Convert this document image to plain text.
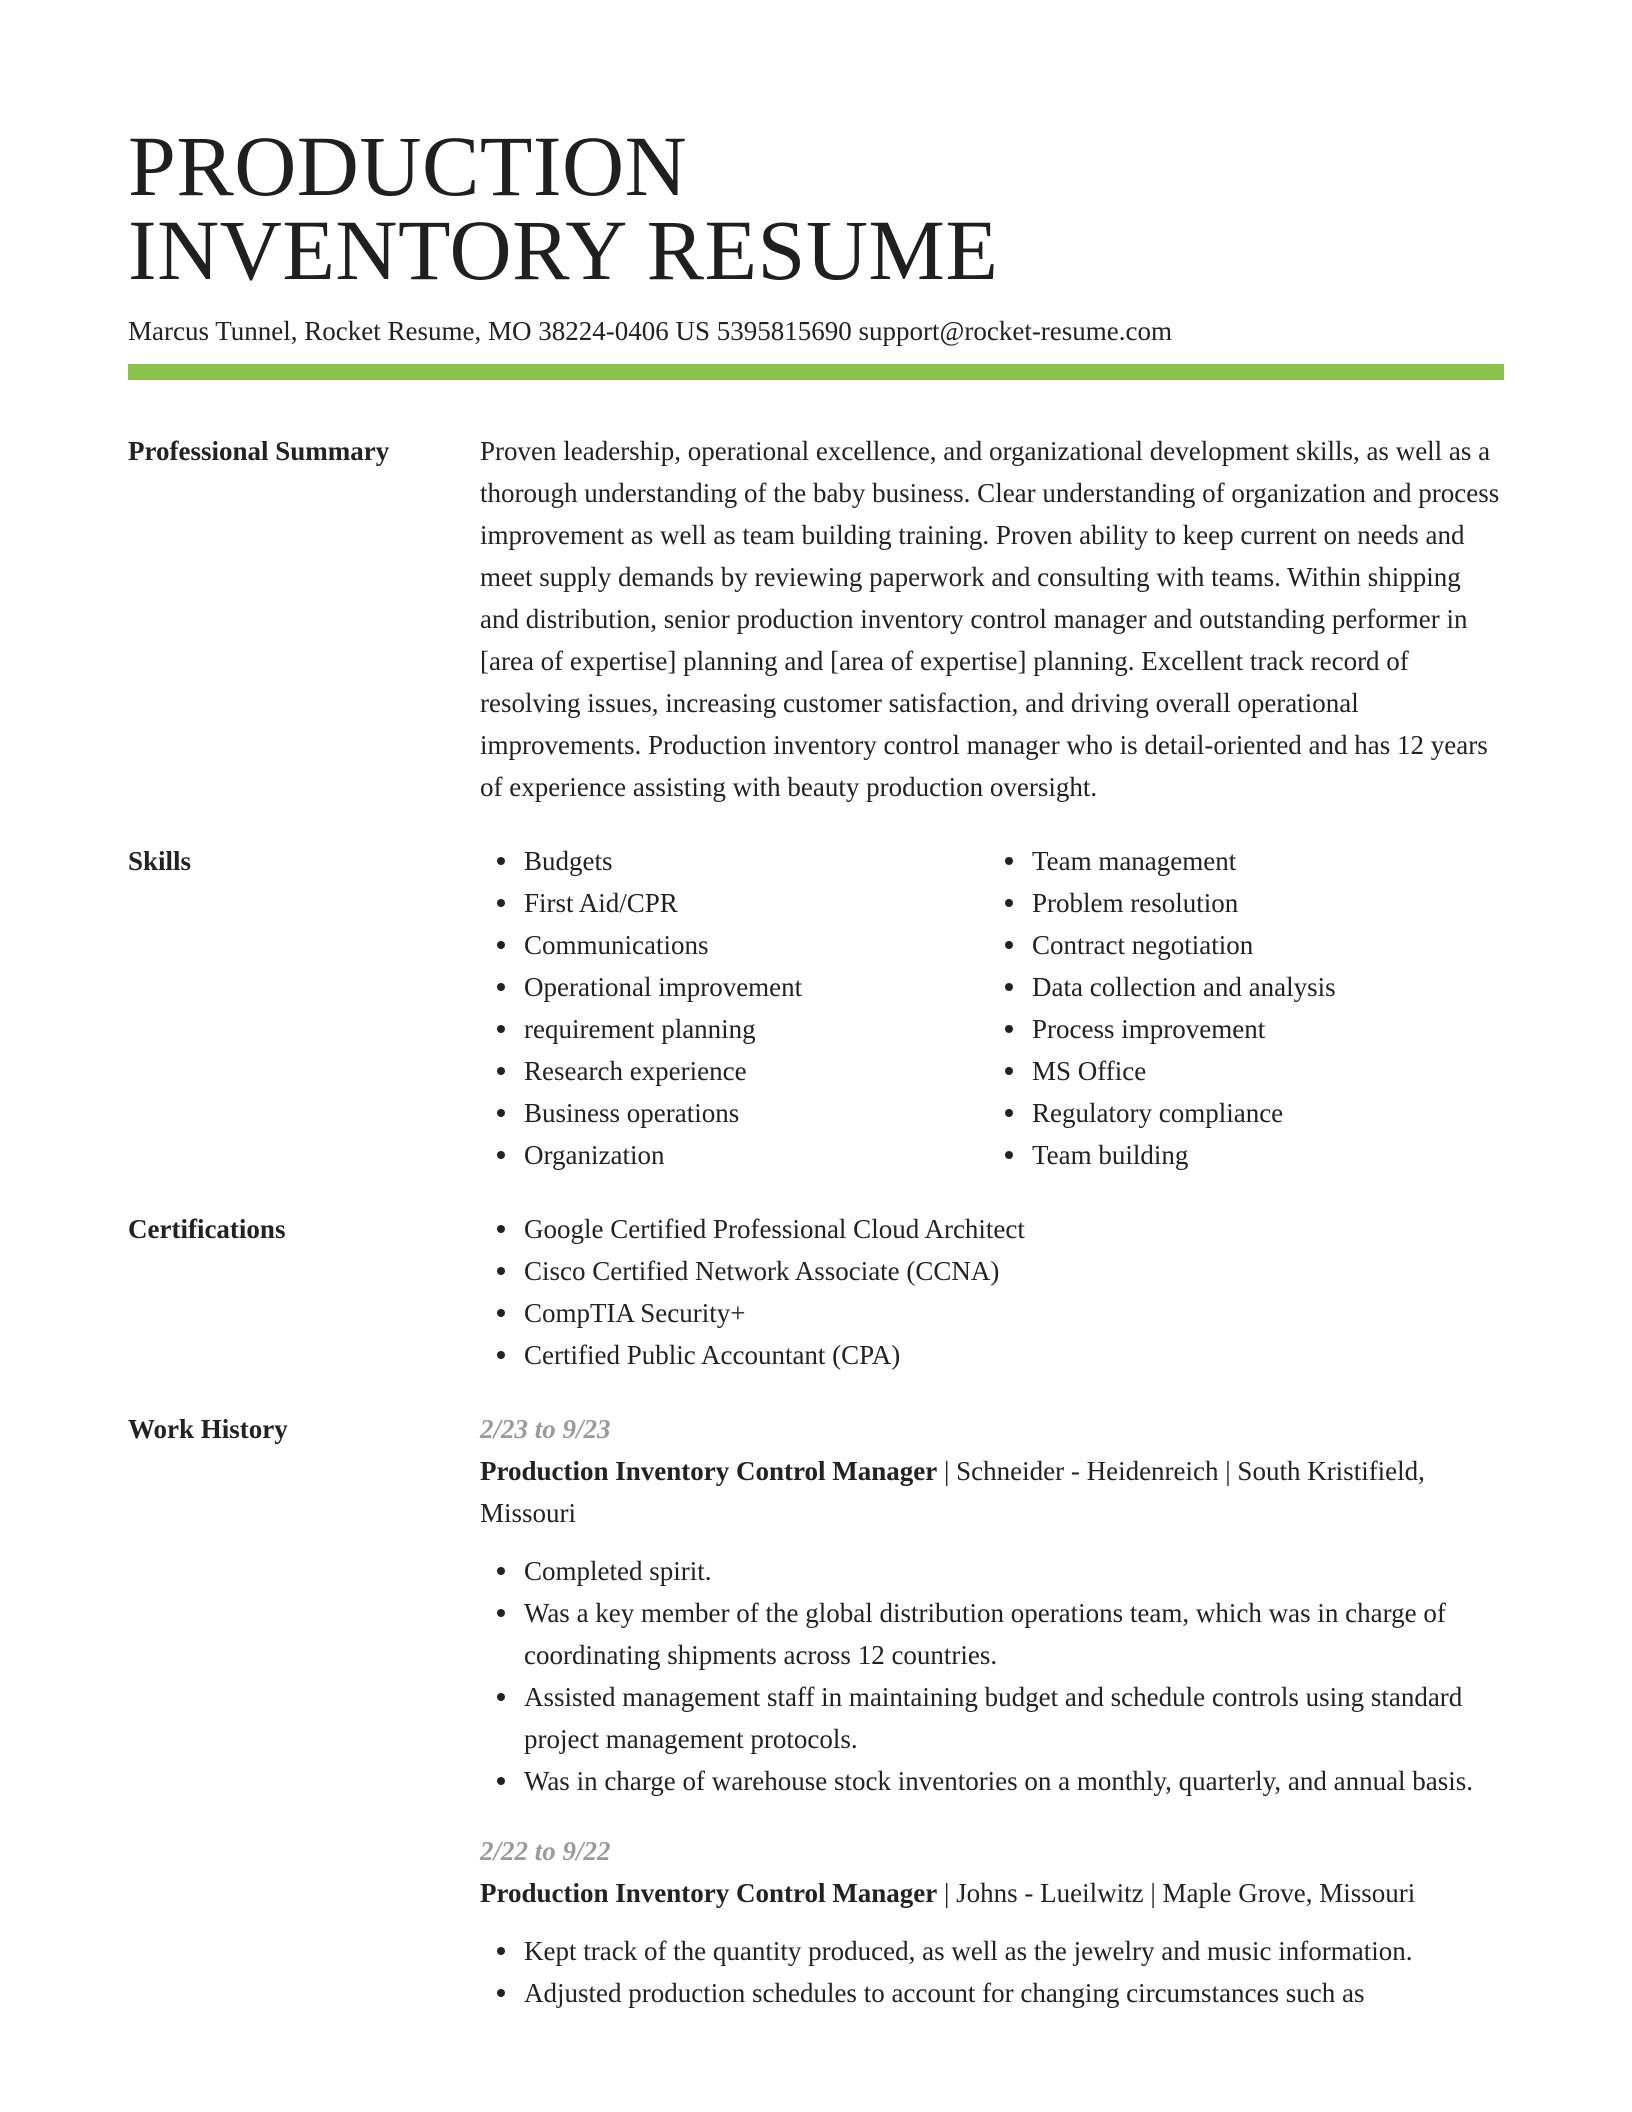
PRODUCTION
INVENTORY RESUME
Marcus Tunnel, Rocket Resume, MO 38224-0406 US 5395815690 support@rocket-resume.com
Professional Summary	Proven leadership, operational excellence, and organizational development skills, as well as a thorough understanding of the baby business. Clear understanding of organization and process improvement as well as team building training. Proven ability to keep current on needs and meet supply demands by reviewing paperwork and consulting with teams. Within shipping and distribution, senior production inventory control manager and outstanding performer in [area of expertise] planning and [area of expertise] planning. Excellent track record of resolving issues, increasing customer satisfaction, and driving overall operational improvements. Production inventory control manager who is detail-oriented and has 12 years of experience assisting with beauty production oversight.
Skills	Budgets
First Aid/CPR
Communications
Operational improvement
requirement planning
Research experience
Business operations
Organization
Team management
Problem resolution
Contract negotiation
Data collection and analysis
Process improvement
MS Office
Regulatory compliance
Team building
Certifications	Google Certified Professional Cloud Architect
Cisco Certified Network Associate (CCNA)
CompTIA Security+
Certified Public Accountant (CPA)
Work History	2/23 to 9/23
Production Inventory Control Manager | Schneider - Heidenreich | South Kristifield, Missouri
Completed spirit.
Was a key member of the global distribution operations team, which was in charge of coordinating shipments across 12 countries.
Assisted management staff in maintaining budget and schedule controls using standard project management protocols.
Was in charge of warehouse stock inventories on a monthly, quarterly, and annual basis.
2/22 to 9/22
Production Inventory Control Manager | Johns - Lueilwitz | Maple Grove, Missouri
Kept track of the quantity produced, as well as the jewelry and music information.
Adjusted production schedules to account for changing circumstances such as
